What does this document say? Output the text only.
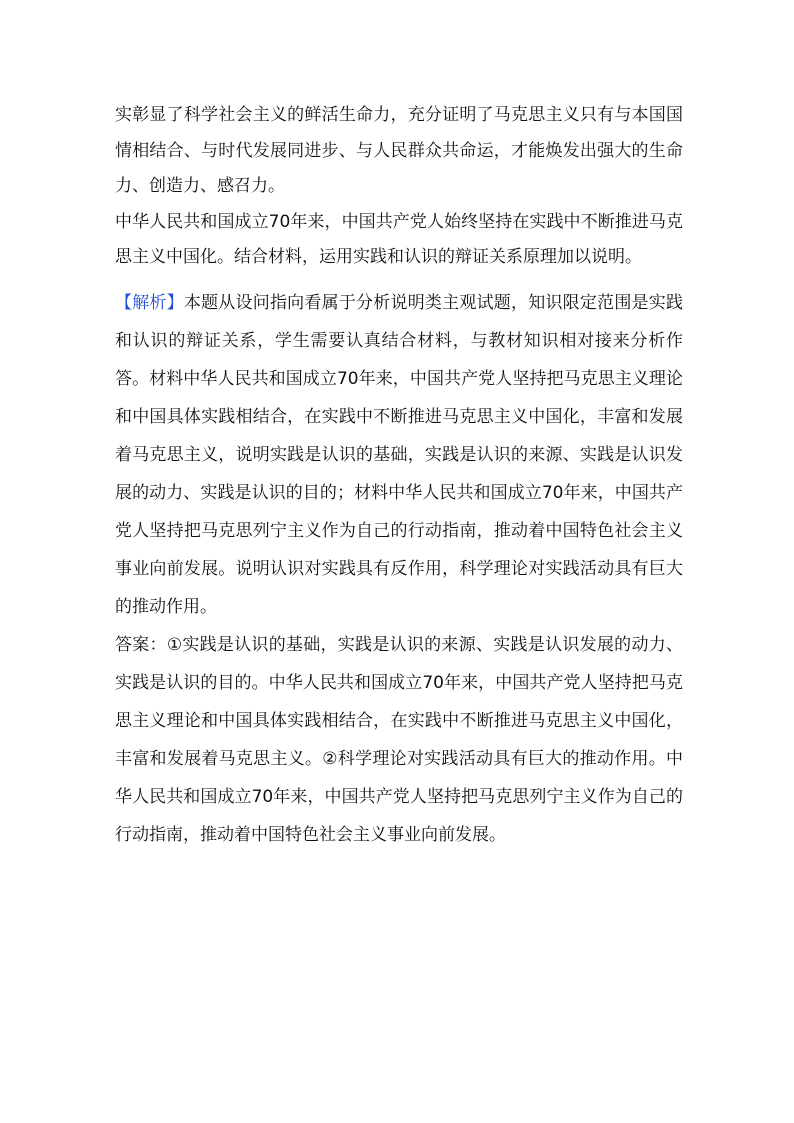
实彰显了科学社会主义的鲜活生命力，充分证明了马克思主义只有与本国国情相结合、与时代发展同进步、与人民群众共命运，才能焕发出强大的生命力、创造力、感召力。

中华人民共和国成立70年来，中国共产党人始终坚持在实践中不断推进马克思主义中国化。结合材料，运用实践和认识的辩证关系原理加以说明。

【解析】本题从设问指向看属于分析说明类主观试题，知识限定范围是实践和认识的辩证关系，学生需要认真结合材料，与教材知识相对接来分析作答。材料中华人民共和国成立70年来，中国共产党人坚持把马克思主义理论和中国具体实践相结合，在实践中不断推进马克思主义中国化，丰富和发展着马克思主义，说明实践是认识的基础，实践是认识的来源、实践是认识发展的动力、实践是认识的目的；材料中华人民共和国成立70年来，中国共产党人坚持把马克思列宁主义作为自己的行动指南，推动着中国特色社会主义事业向前发展。说明认识对实践具有反作用，科学理论对实践活动具有巨大的推动作用。

答案：①实践是认识的基础，实践是认识的来源、实践是认识发展的动力、实践是认识的目的。中华人民共和国成立70年来，中国共产党人坚持把马克思主义理论和中国具体实践相结合，在实践中不断推进马克思主义中国化，丰富和发展着马克思主义。②科学理论对实践活动具有巨大的推动作用。中华人民共和国成立70年来，中国共产党人坚持把马克思列宁主义作为自己的行动指南，推动着中国特色社会主义事业向前发展。
